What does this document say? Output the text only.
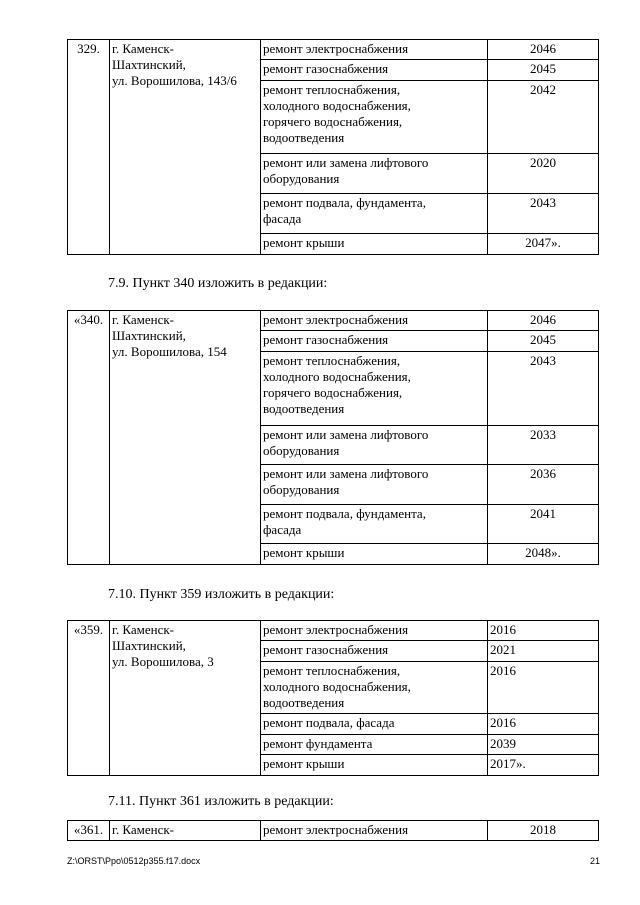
329.	г. Каменск-
Шахтинский,
ул. Ворошилова, 143/6	ремонт электроснабжения	2046
		ремонт газоснабжения	2045
		ремонт теплоснабжения,
холодного водоснабжения,
горячего водоснабжения,
водоотведения	2042
		ремонт или замена лифтового
оборудования	2020
		ремонт подвала, фундамента,
фасада	2043
		ремонт крыши	2047».

7.9. Пункт 340 изложить в редакции:

«340.	г. Каменск-
Шахтинский,
ул. Ворошилова, 154	ремонт электроснабжения	2046
		ремонт газоснабжения	2045
		ремонт теплоснабжения,
холодного водоснабжения,
горячего водоснабжения,
водоотведения	2043
		ремонт или замена лифтового
оборудования	2033
		ремонт или замена лифтового
оборудования	2036
		ремонт подвала, фундамента,
фасада	2041
		ремонт крыши	2048».

7.10. Пункт 359 изложить в редакции:

«359.	г. Каменск-
Шахтинский,
ул. Ворошилова, 3	ремонт электроснабжения	2016
		ремонт газоснабжения	2021
		ремонт теплоснабжения,
холодного водоснабжения,
водоотведения	2016
		ремонт подвала, фасада	2016
		ремонт фундамента	2039
		ремонт крыши	2017».

7.11. Пункт 361 изложить в редакции:

«361.	г. Каменск-	ремонт электроснабжения	2018
Z:\ORST\Ppo\0512p355.f17.docx	21
